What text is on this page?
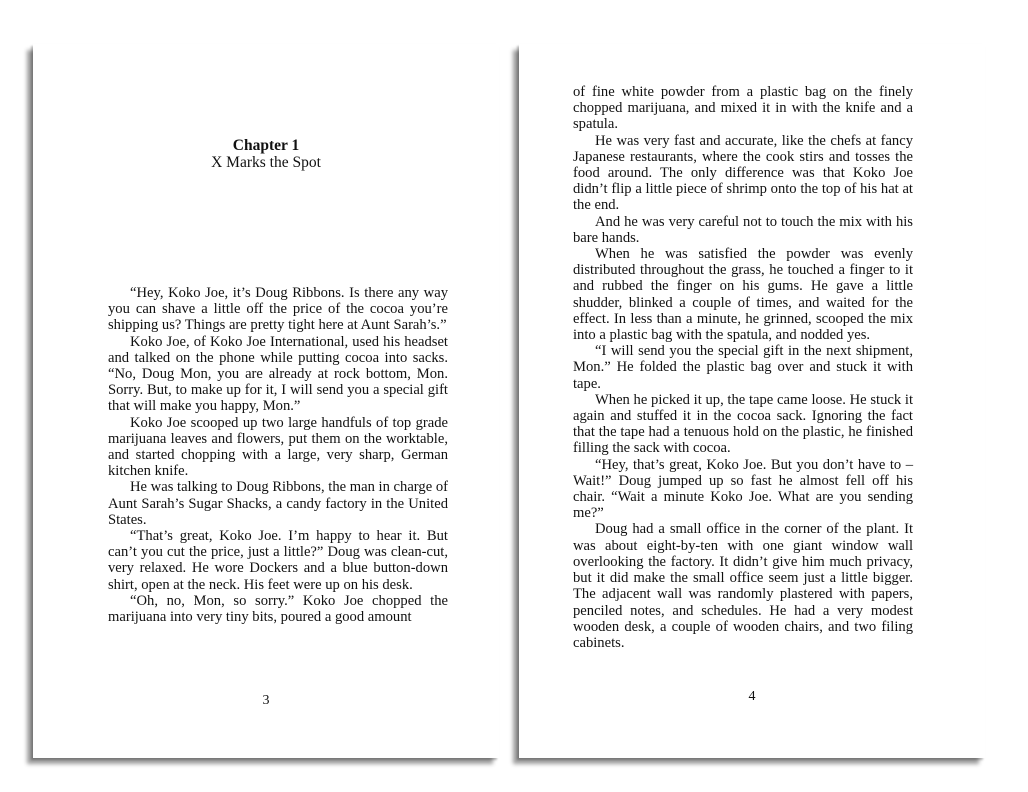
Chapter 1
X Marks the Spot

“Hey, Koko Joe, it’s Doug Ribbons. Is there any way you can shave a little off the price of the cocoa you’re shipping us? Things are pretty tight here at Aunt Sarah’s.”

Koko Joe, of Koko Joe International, used his headset and talked on the phone while putting cocoa into sacks. “No, Doug Mon, you are already at rock bottom, Mon. Sorry. But, to make up for it, I will send you a special gift that will make you happy, Mon.”

Koko Joe scooped up two large handfuls of top grade marijuana leaves and flowers, put them on the worktable, and started chopping with a large, very sharp, German kitchen knife.

He was talking to Doug Ribbons, the man in charge of Aunt Sarah’s Sugar Shacks, a candy factory in the United States.

“That’s great, Koko Joe. I’m happy to hear it. But can’t you cut the price, just a little?” Doug was clean-cut, very relaxed. He wore Dockers and a blue button-down shirt, open at the neck. His feet were up on his desk.

“Oh, no, Mon, so sorry.” Koko Joe chopped the marijuana into very tiny bits, poured a good amount

3

of fine white powder from a plastic bag on the finely chopped marijuana, and mixed it in with the knife and a spatula.

He was very fast and accurate, like the chefs at fancy Japanese restaurants, where the cook stirs and tosses the food around. The only difference was that Koko Joe didn’t flip a little piece of shrimp onto the top of his hat at the end.

And he was very careful not to touch the mix with his bare hands.

When he was satisfied the powder was evenly distributed throughout the grass, he touched a finger to it and rubbed the finger on his gums. He gave a little shudder, blinked a couple of times, and waited for the effect. In less than a minute, he grinned, scooped the mix into a plastic bag with the spatula, and nodded yes.

“I will send you the special gift in the next shipment, Mon.” He folded the plastic bag over and stuck it with tape.

When he picked it up, the tape came loose. He stuck it again and stuffed it in the cocoa sack. Ignoring the fact that the tape had a tenuous hold on the plastic, he finished filling the sack with cocoa.

“Hey, that’s great, Koko Joe. But you don’t have to – Wait!” Doug jumped up so fast he almost fell off his chair. “Wait a minute Koko Joe. What are you sending me?”

Doug had a small office in the corner of the plant. It was about eight-by-ten with one giant window wall overlooking the factory. It didn’t give him much privacy, but it did make the small office seem just a little bigger. The adjacent wall was randomly plastered with papers, penciled notes, and schedules. He had a very modest wooden desk, a couple of wooden chairs, and two filing cabinets.

4
